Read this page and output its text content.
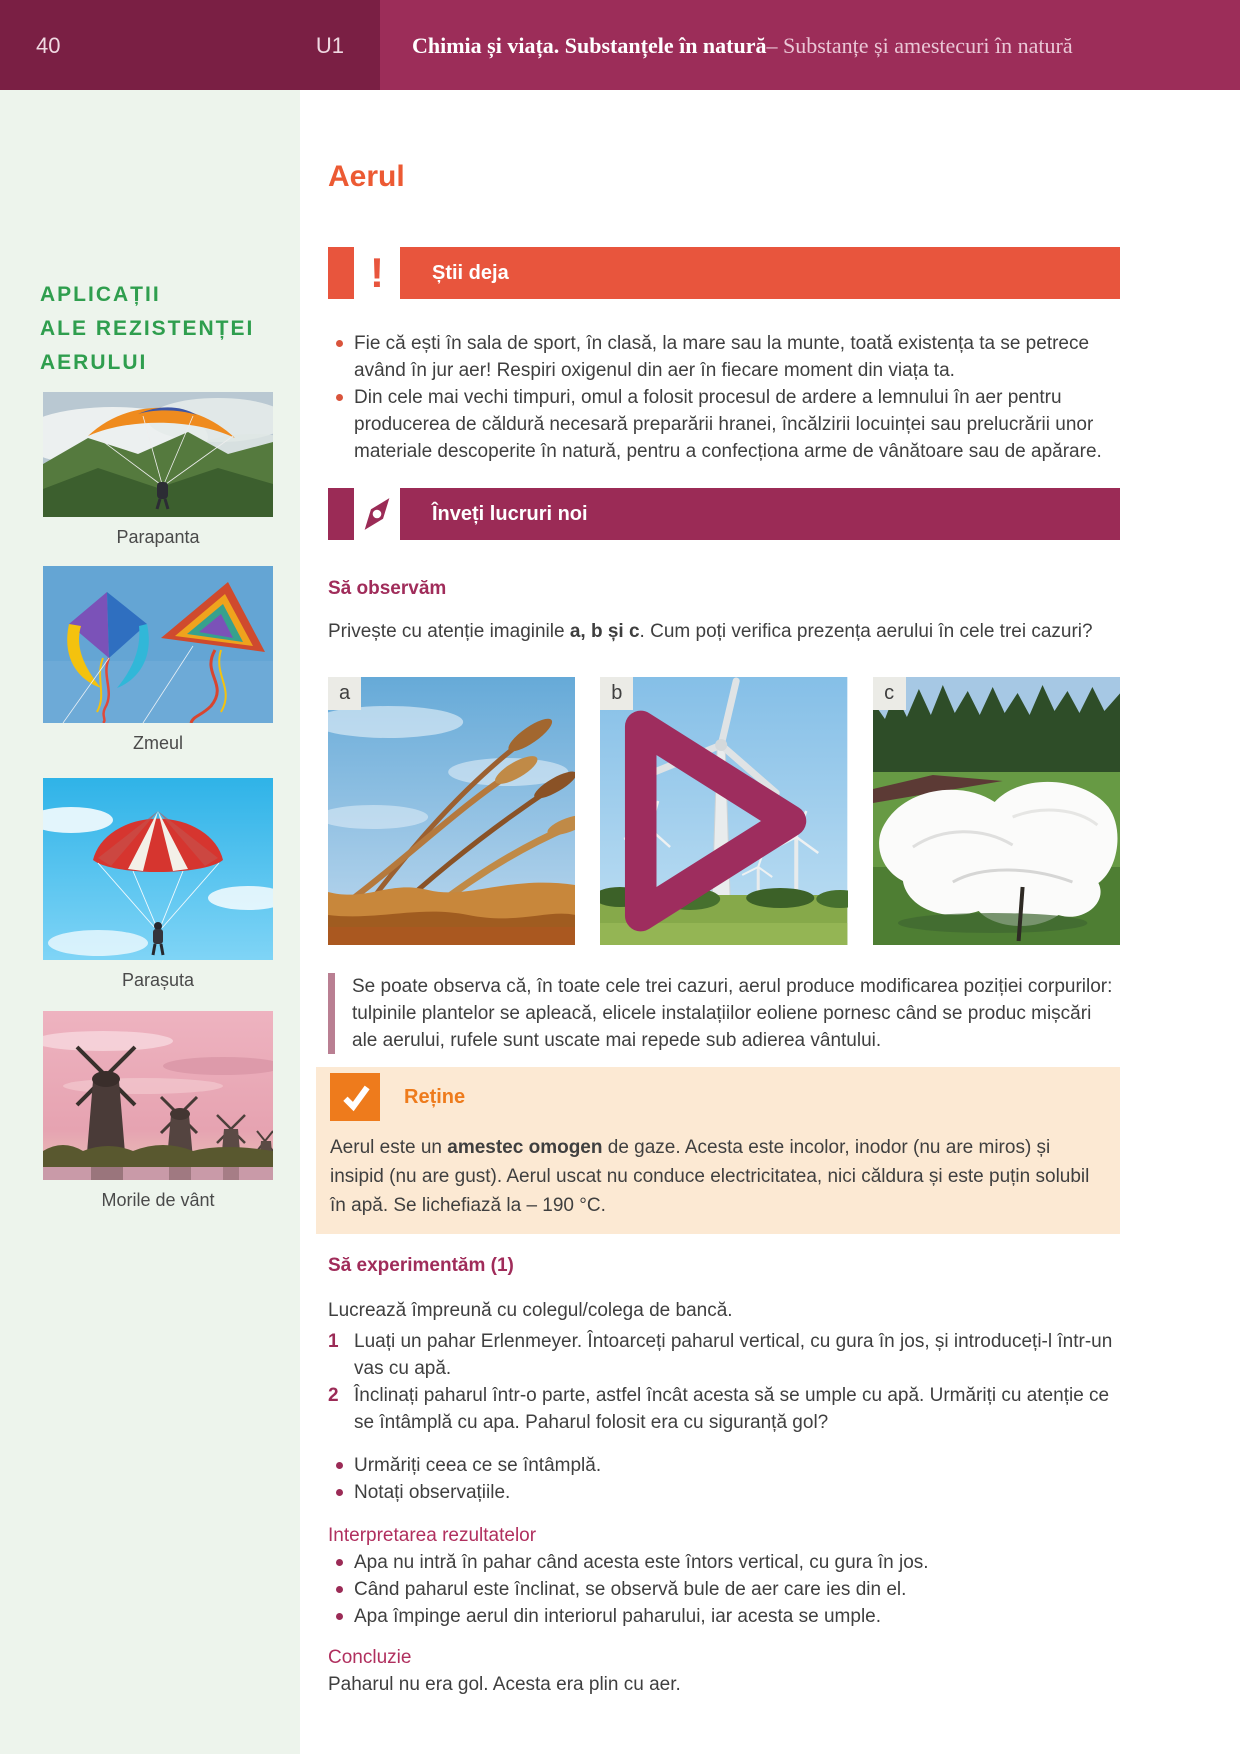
40	U1	Chimia și viața. Substanțele în natură – Substanțe și amestecuri în natură
APLICAȚII
ALE REZISTENȚEI
AERULUI
Parapanta
Zmeul
Parașuta
Morile de vânt
Aerul
!	Știi deja
Fie că ești în sala de sport, în clasă, la mare sau la munte, toată existența ta se petrece având în jur aer! Respiri oxigenul din aer în fiecare moment din viața ta.
Din cele mai vechi timpuri, omul a folosit procesul de ardere a lemnului în aer pentru producerea de căldură necesară preparării hranei, încălzirii locuinței sau prelucrării unor materiale descoperite în natură, pentru a confecționa arme de vânătoare sau de apărare.
Înveți lucruri noi
Să observăm

Privește cu atenție imaginile a, b și c. Cum poți verifica prezența aerului în cele trei cazuri?

a	b	c

Se poate observa că, în toate cele trei cazuri, aerul produce modificarea poziției corpurilor: tulpinile plantelor se apleacă, elicele instalațiilor eoliene pornesc când se produc mișcări ale aerului, rufele sunt uscate mai repede sub adierea vântului.

Reține

Aerul este un amestec omogen de gaze. Acesta este incolor, inodor (nu are miros) și insipid (nu are gust). Aerul uscat nu conduce electricitatea, nici căldura și este puțin solubil în apă. Se lichefiază la – 190 °C.

Să experimentăm (1)

Lucrează împreună cu colegul/colega de bancă.

1 Luați un pahar Erlenmeyer. Întoarceți paharul vertical, cu gura în jos, și introduceți-l într-un vas cu apă.
2 Înclinați paharul într-o parte, astfel încât acesta să se umple cu apă. Urmăriți cu atenție ce se întâmplă cu apa. Paharul folosit era cu siguranță gol?
Urmăriți ceea ce se întâmplă.
Notați observațiile.
Interpretarea rezultatelor
Apa nu intră în pahar când acesta este întors vertical, cu gura în jos.
Când paharul este înclinat, se observă bule de aer care ies din el.
Apa împinge aerul din interiorul paharului, iar acesta se umple.
Concluzie

Paharul nu era gol. Acesta era plin cu aer.
